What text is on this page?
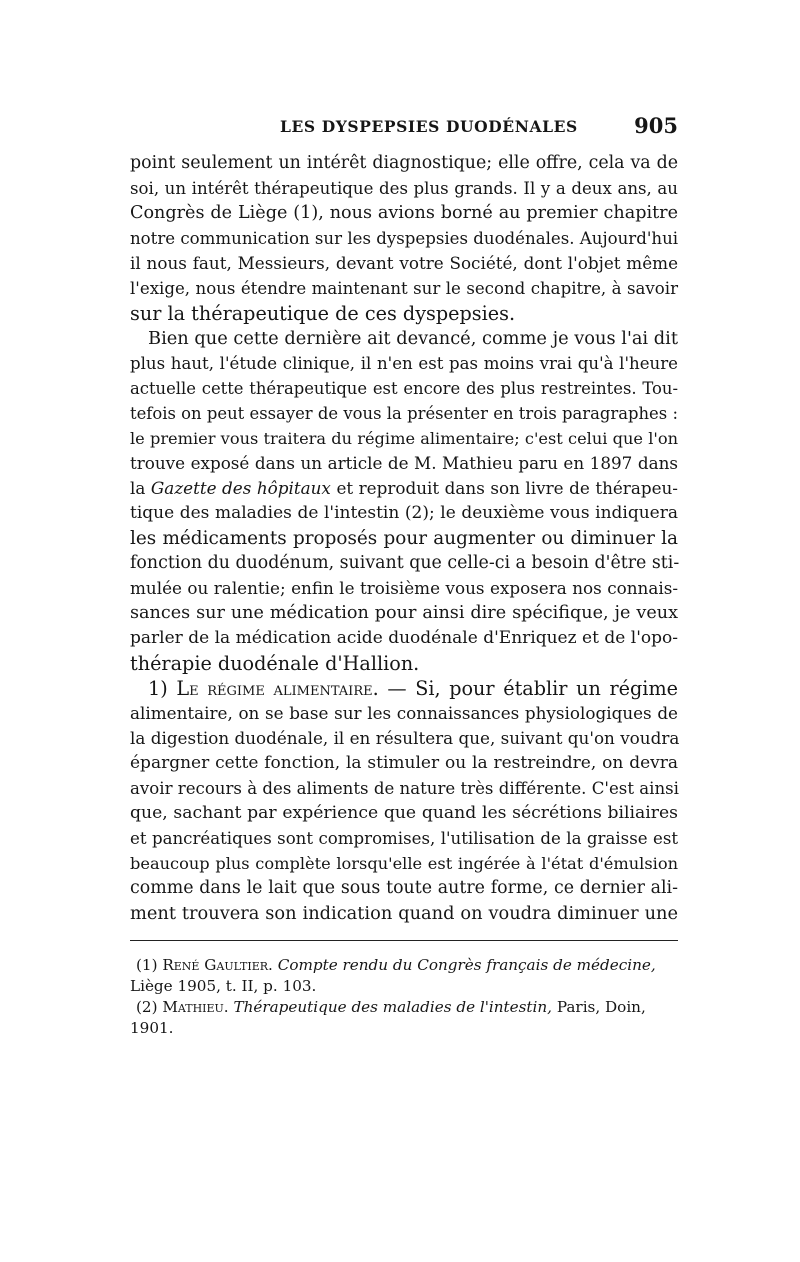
LES DYSPEPSIES DUODÉNALES	905
point seulement un intérêt diagnostique; elle offre, cela va de
soi, un intérêt thérapeutique des plus grands. Il y a deux ans, au
Congrès de Liège (1), nous avions borné au premier chapitre
notre communication sur les dyspepsies duodénales. Aujourd'hui
il nous faut, Messieurs, devant votre Société, dont l'objet même
l'exige, nous étendre maintenant sur le second chapitre, à savoir
sur la thérapeutique de ces dyspepsies.
Bien que cette dernière ait devancé, comme je vous l'ai dit
plus haut, l'étude clinique, il n'en est pas moins vrai qu'à l'heure
actuelle cette thérapeutique est encore des plus restreintes. Tou-
tefois on peut essayer de vous la présenter en trois paragraphes :
le premier vous traitera du régime alimentaire; c'est celui que l'on
trouve exposé dans un article de M. Mathieu paru en 1897 dans
la Gazette des hôpitaux et reproduit dans son livre de thérapeu-
tique des maladies de l'intestin (2); le deuxième vous indiquera
les médicaments proposés pour augmenter ou diminuer la
fonction du duodénum, suivant que celle-ci a besoin d'être sti-
mulée ou ralentie; enfin le troisième vous exposera nos connais-
sances sur une médication pour ainsi dire spécifique, je veux
parler de la médication acide duodénale d'Enriquez et de l'opo-
thérapie duodénale d'Hallion.
1) Le régime alimentaire. — Si, pour établir un régime
alimentaire, on se base sur les connaissances physiologiques de
la digestion duodénale, il en résultera que, suivant qu'on voudra
épargner cette fonction, la stimuler ou la restreindre, on devra
avoir recours à des aliments de nature très différente. C'est ainsi
que, sachant par expérience que quand les sécrétions biliaires
et pancréatiques sont compromises, l'utilisation de la graisse est
beaucoup plus complète lorsqu'elle est ingérée à l'état d'émulsion
comme dans le lait que sous toute autre forme, ce dernier ali-
ment trouvera son indication quand on voudra diminuer une
(1) René Gaultier. Compte rendu du Congrès français de médecine,
Liège 1905, t. II, p. 103.
(2) Mathieu. Thérapeutique des maladies de l'intestin, Paris, Doin,
1901.
